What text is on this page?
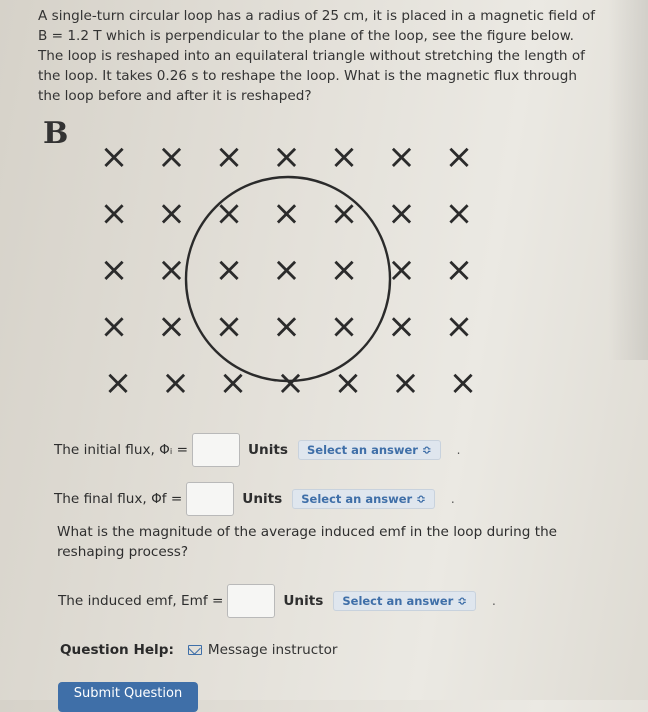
A single-turn circular loop has a radius of 25 cm, it is placed in a magnetic field of
B = 1.2 T which is perpendicular to the plane of the loop, see the figure below.
The loop is reshaped into an equilateral triangle without stretching the length of
the loop. It takes 0.26 s to reshape the loop. What is the magnetic flux through
the loop before and after it is reshaped?

B
× × × × × × ×
× × × × × × ×
× × × × × × ×
× × × × × × ×
× × × × × × ×
The initial flux, Φᵢ =	Units	Select an answer ≎	.
The final flux, Φf =	Units	Select an answer ≎	.

What is the magnitude of the average induced emf in the loop during the reshaping process?

The induced emf, Emf =	Units	Select an answer ≎	.
Question Help:	Message instructor
Submit Question
